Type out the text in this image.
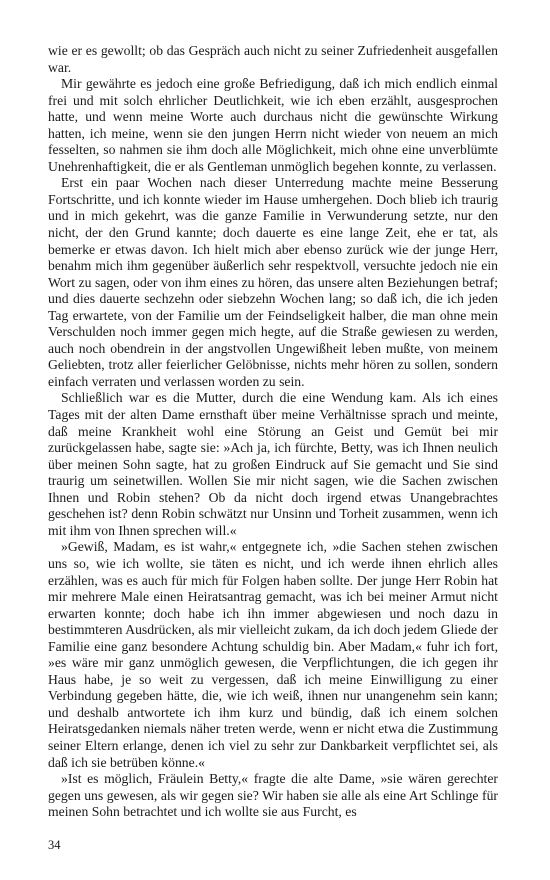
wie er es gewollt; ob das Gespräch auch nicht zu seiner Zufriedenheit ausgefallen war.

Mir gewährte es jedoch eine große Befriedigung, daß ich mich endlich einmal frei und mit solch ehrlicher Deutlichkeit, wie ich eben erzählt, ausgesprochen hatte, und wenn meine Worte auch durchaus nicht die gewünschte Wirkung hatten, ich meine, wenn sie den jungen Herrn nicht wieder von neuem an mich fesselten, so nahmen sie ihm doch alle Möglichkeit, mich ohne eine unverblümte Unehrenhaftigkeit, die er als Gentleman unmöglich begehen konnte, zu verlassen.

Erst ein paar Wochen nach dieser Unterredung machte meine Besserung Fortschritte, und ich konnte wieder im Hause umhergehen. Doch blieb ich traurig und in mich gekehrt, was die ganze Familie in Verwunderung setzte, nur den nicht, der den Grund kannte; doch dauerte es eine lange Zeit, ehe er tat, als bemerke er etwas davon. Ich hielt mich aber ebenso zurück wie der junge Herr, benahm mich ihm gegenüber äußerlich sehr respektvoll, versuchte jedoch nie ein Wort zu sagen, oder von ihm eines zu hören, das unsere alten Beziehungen betraf; und dies dauerte sechzehn oder siebzehn Wochen lang; so daß ich, die ich jeden Tag erwartete, von der Familie um der Feindseligkeit halber, die man ohne mein Verschulden noch immer gegen mich hegte, auf die Straße gewiesen zu werden, auch noch obendrein in der angstvollen Ungewißheit leben mußte, von meinem Geliebten, trotz aller feierlicher Gelöbnisse, nichts mehr hören zu sollen, sondern einfach verraten und verlassen worden zu sein.

Schließlich war es die Mutter, durch die eine Wendung kam. Als ich eines Tages mit der alten Dame ernsthaft über meine Verhältnisse sprach und meinte, daß meine Krankheit wohl eine Störung an Geist und Gemüt bei mir zurückgelassen habe, sagte sie: »Ach ja, ich fürchte, Betty, was ich Ihnen neulich über meinen Sohn sagte, hat zu großen Eindruck auf Sie gemacht und Sie sind traurig um seinetwillen. Wollen Sie mir nicht sagen, wie die Sachen zwischen Ihnen und Robin stehen? Ob da nicht doch irgend etwas Unangebrachtes geschehen ist? denn Robin schwätzt nur Unsinn und Torheit zusammen, wenn ich mit ihm von Ihnen sprechen will.«

»Gewiß, Madam, es ist wahr,« entgegnete ich, »die Sachen stehen zwischen uns so, wie ich wollte, sie täten es nicht, und ich werde ihnen ehrlich alles erzählen, was es auch für mich für Folgen haben sollte. Der junge Herr Robin hat mir mehrere Male einen Heiratsantrag gemacht, was ich bei meiner Armut nicht erwarten konnte; doch habe ich ihn immer abgewiesen und noch dazu in bestimmteren Ausdrücken, als mir vielleicht zukam, da ich doch jedem Gliede der Familie eine ganz besondere Achtung schuldig bin. Aber Madam,« fuhr ich fort, »es wäre mir ganz unmöglich gewesen, die Verpflichtungen, die ich gegen ihr Haus habe, je so weit zu vergessen, daß ich meine Einwilligung zu einer Verbindung gegeben hätte, die, wie ich weiß, ihnen nur unangenehm sein kann; und deshalb antwortete ich ihm kurz und bündig, daß ich einem solchen Heiratsgedanken niemals näher treten werde, wenn er nicht etwa die Zustimmung seiner Eltern erlange, denen ich viel zu sehr zur Dankbarkeit verpflichtet sei, als daß ich sie betrüben könne.«

»Ist es möglich, Fräulein Betty,« fragte die alte Dame, »sie wären gerechter gegen uns gewesen, als wir gegen sie? Wir haben sie alle als eine Art Schlinge für meinen Sohn betrachtet und ich wollte sie aus Furcht, es

34
